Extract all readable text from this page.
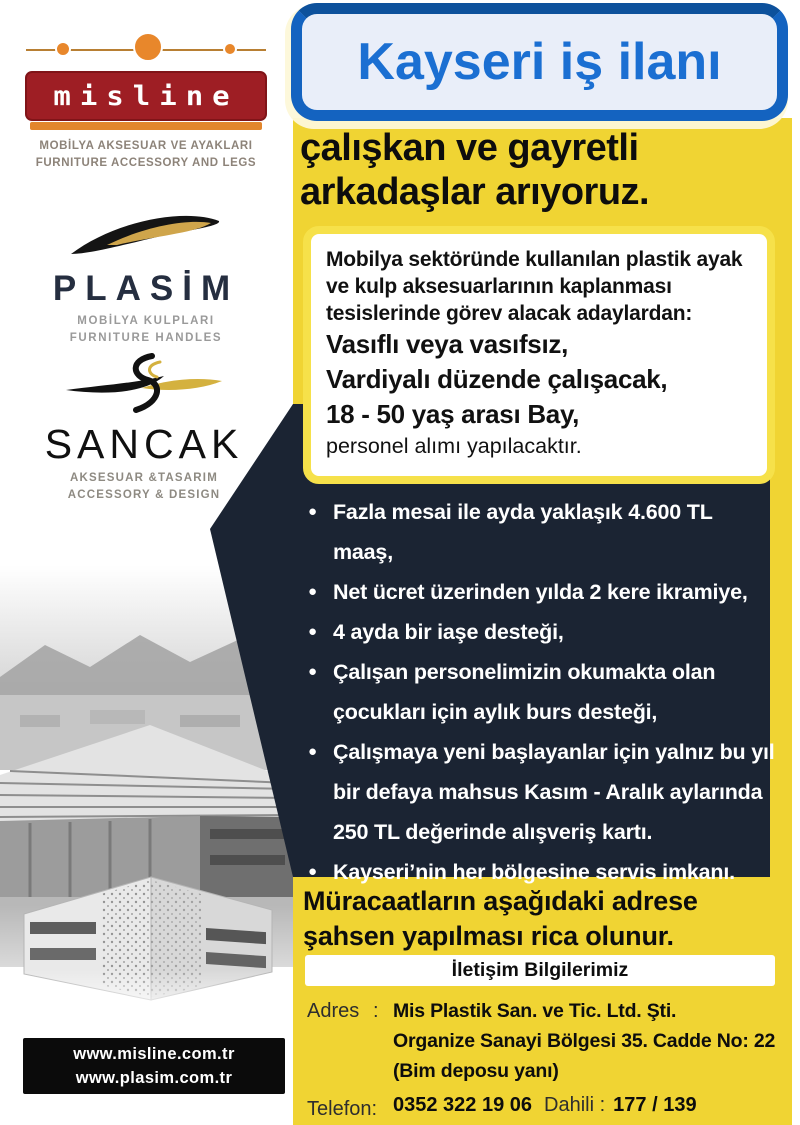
misline
MOBİLYA AKSESUAR VE AYAKLARI
FURNITURE ACCESSORY AND LEGS
PLASİM
MOBİLYA KULPLARI
FURNITURE HANDLES
SANCAK
AKSESUAR &TASARIM
ACCESSORY & DESIGN
www.misline.com.tr
www.plasim.com.tr
çalışkan ve gayretli
arkadaşlar arıyoruz.
Mobilya sektöründe kullanılan plastik ayak ve kulp aksesuarlarının kaplanması tesislerinde görev alacak adaylardan:
Vasıflı veya vasıfsız,
Vardiyalı düzende çalışacak,
18 - 50 yaş arası Bay,
personel alımı yapılacaktır.
● Fazla mesai ile ayda yaklaşık 4.600 TL maaş,
● Net ücret üzerinden yılda 2 kere ikramiye,
● 4 ayda bir iaşe desteği,
● Çalışan personelimizin okumakta olan çocukları için aylık burs desteği,
● Çalışmaya yeni başlayanlar için yalnız bu yıl bir defaya mahsus Kasım - Aralık aylarında 250 TL değerinde alışveriş kartı.
● Kayseri’nin her bölgesine servis imkanı.
Müracaatların aşağıdaki adrese
şahsen yapılması rica olunur.
İletişim Bilgilerimiz
Adres : Mis Plastik San. ve Tic. Ltd. Şti.
Organize Sanayi Bölgesi 35. Cadde No: 22
(Bim deposu yanı)
Telefon: 0352 322 19 06 Dahili : 177 / 139
Kayseri iş ilanı
